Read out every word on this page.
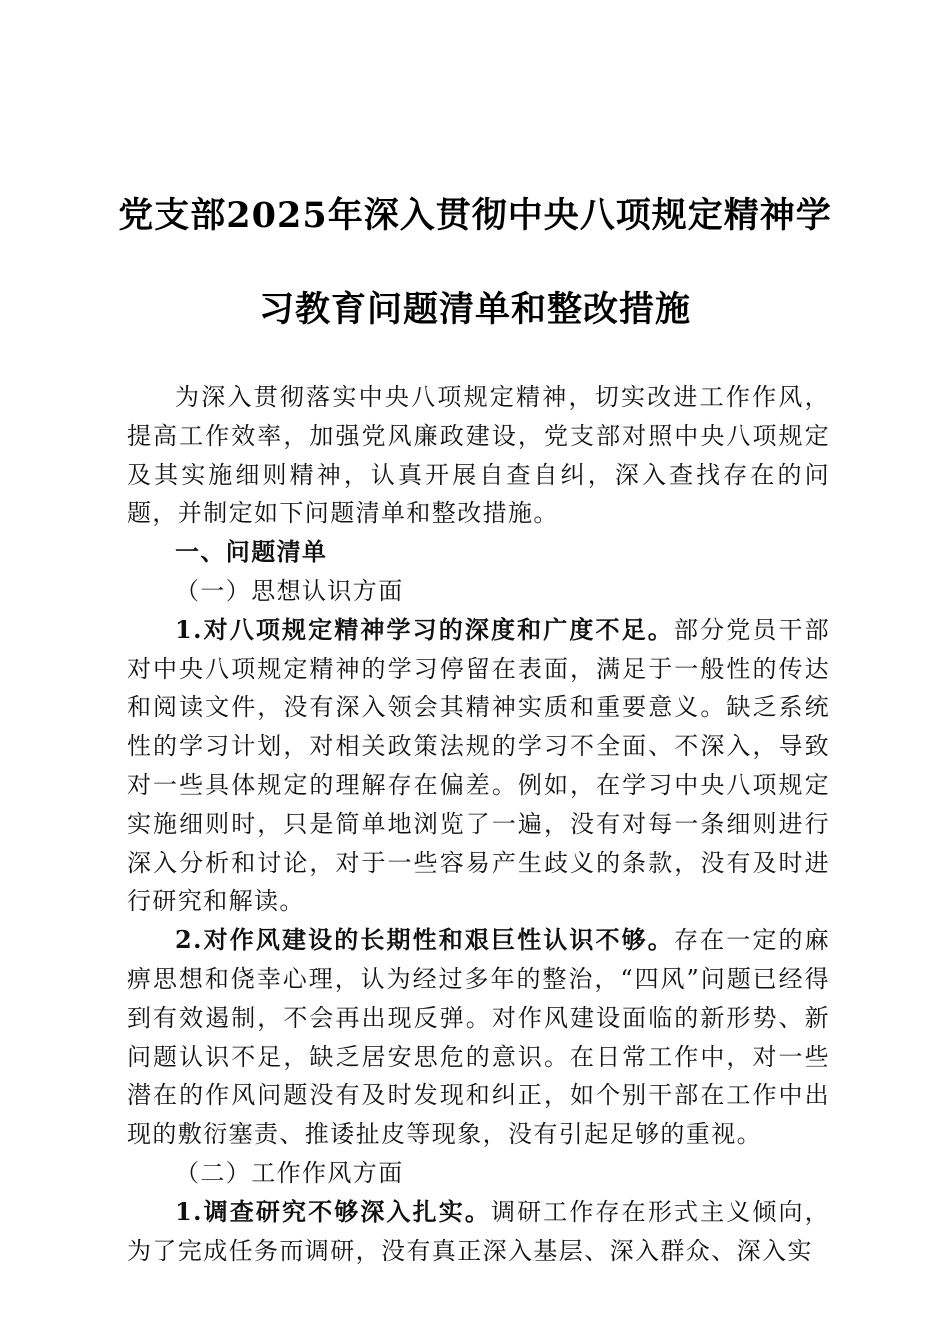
党支部2025年深入贯彻中央八项规定精神学
习教育问题清单和整改措施

为深入贯彻落实中央八项规定精神，切实改进工作作风，提高工作效率，加强党风廉政建设，党支部对照中央八项规定及其实施细则精神，认真开展自查自纠，深入查找存在的问题，并制定如下问题清单和整改措施。

一、问题清单

（一）思想认识方面

1.对八项规定精神学习的深度和广度不足。部分党员干部对中央八项规定精神的学习停留在表面，满足于一般性的传达和阅读文件，没有深入领会其精神实质和重要意义。缺乏系统性的学习计划，对相关政策法规的学习不全面、不深入，导致对一些具体规定的理解存在偏差。例如，在学习中央八项规定实施细则时，只是简单地浏览了一遍，没有对每一条细则进行深入分析和讨论，对于一些容易产生歧义的条款，没有及时进行研究和解读。

2.对作风建设的长期性和艰巨性认识不够。存在一定的麻痹思想和侥幸心理，认为经过多年的整治，“四风”问题已经得到有效遏制，不会再出现反弹。对作风建设面临的新形势、新问题认识不足，缺乏居安思危的意识。在日常工作中，对一些潜在的作风问题没有及时发现和纠正，如个别干部在工作中出现的敷衍塞责、推诿扯皮等现象，没有引起足够的重视。

（二）工作作风方面

1.调查研究不够深入扎实。调研工作存在形式主义倾向，为了完成任务而调研，没有真正深入基层、深入群众、深入实
